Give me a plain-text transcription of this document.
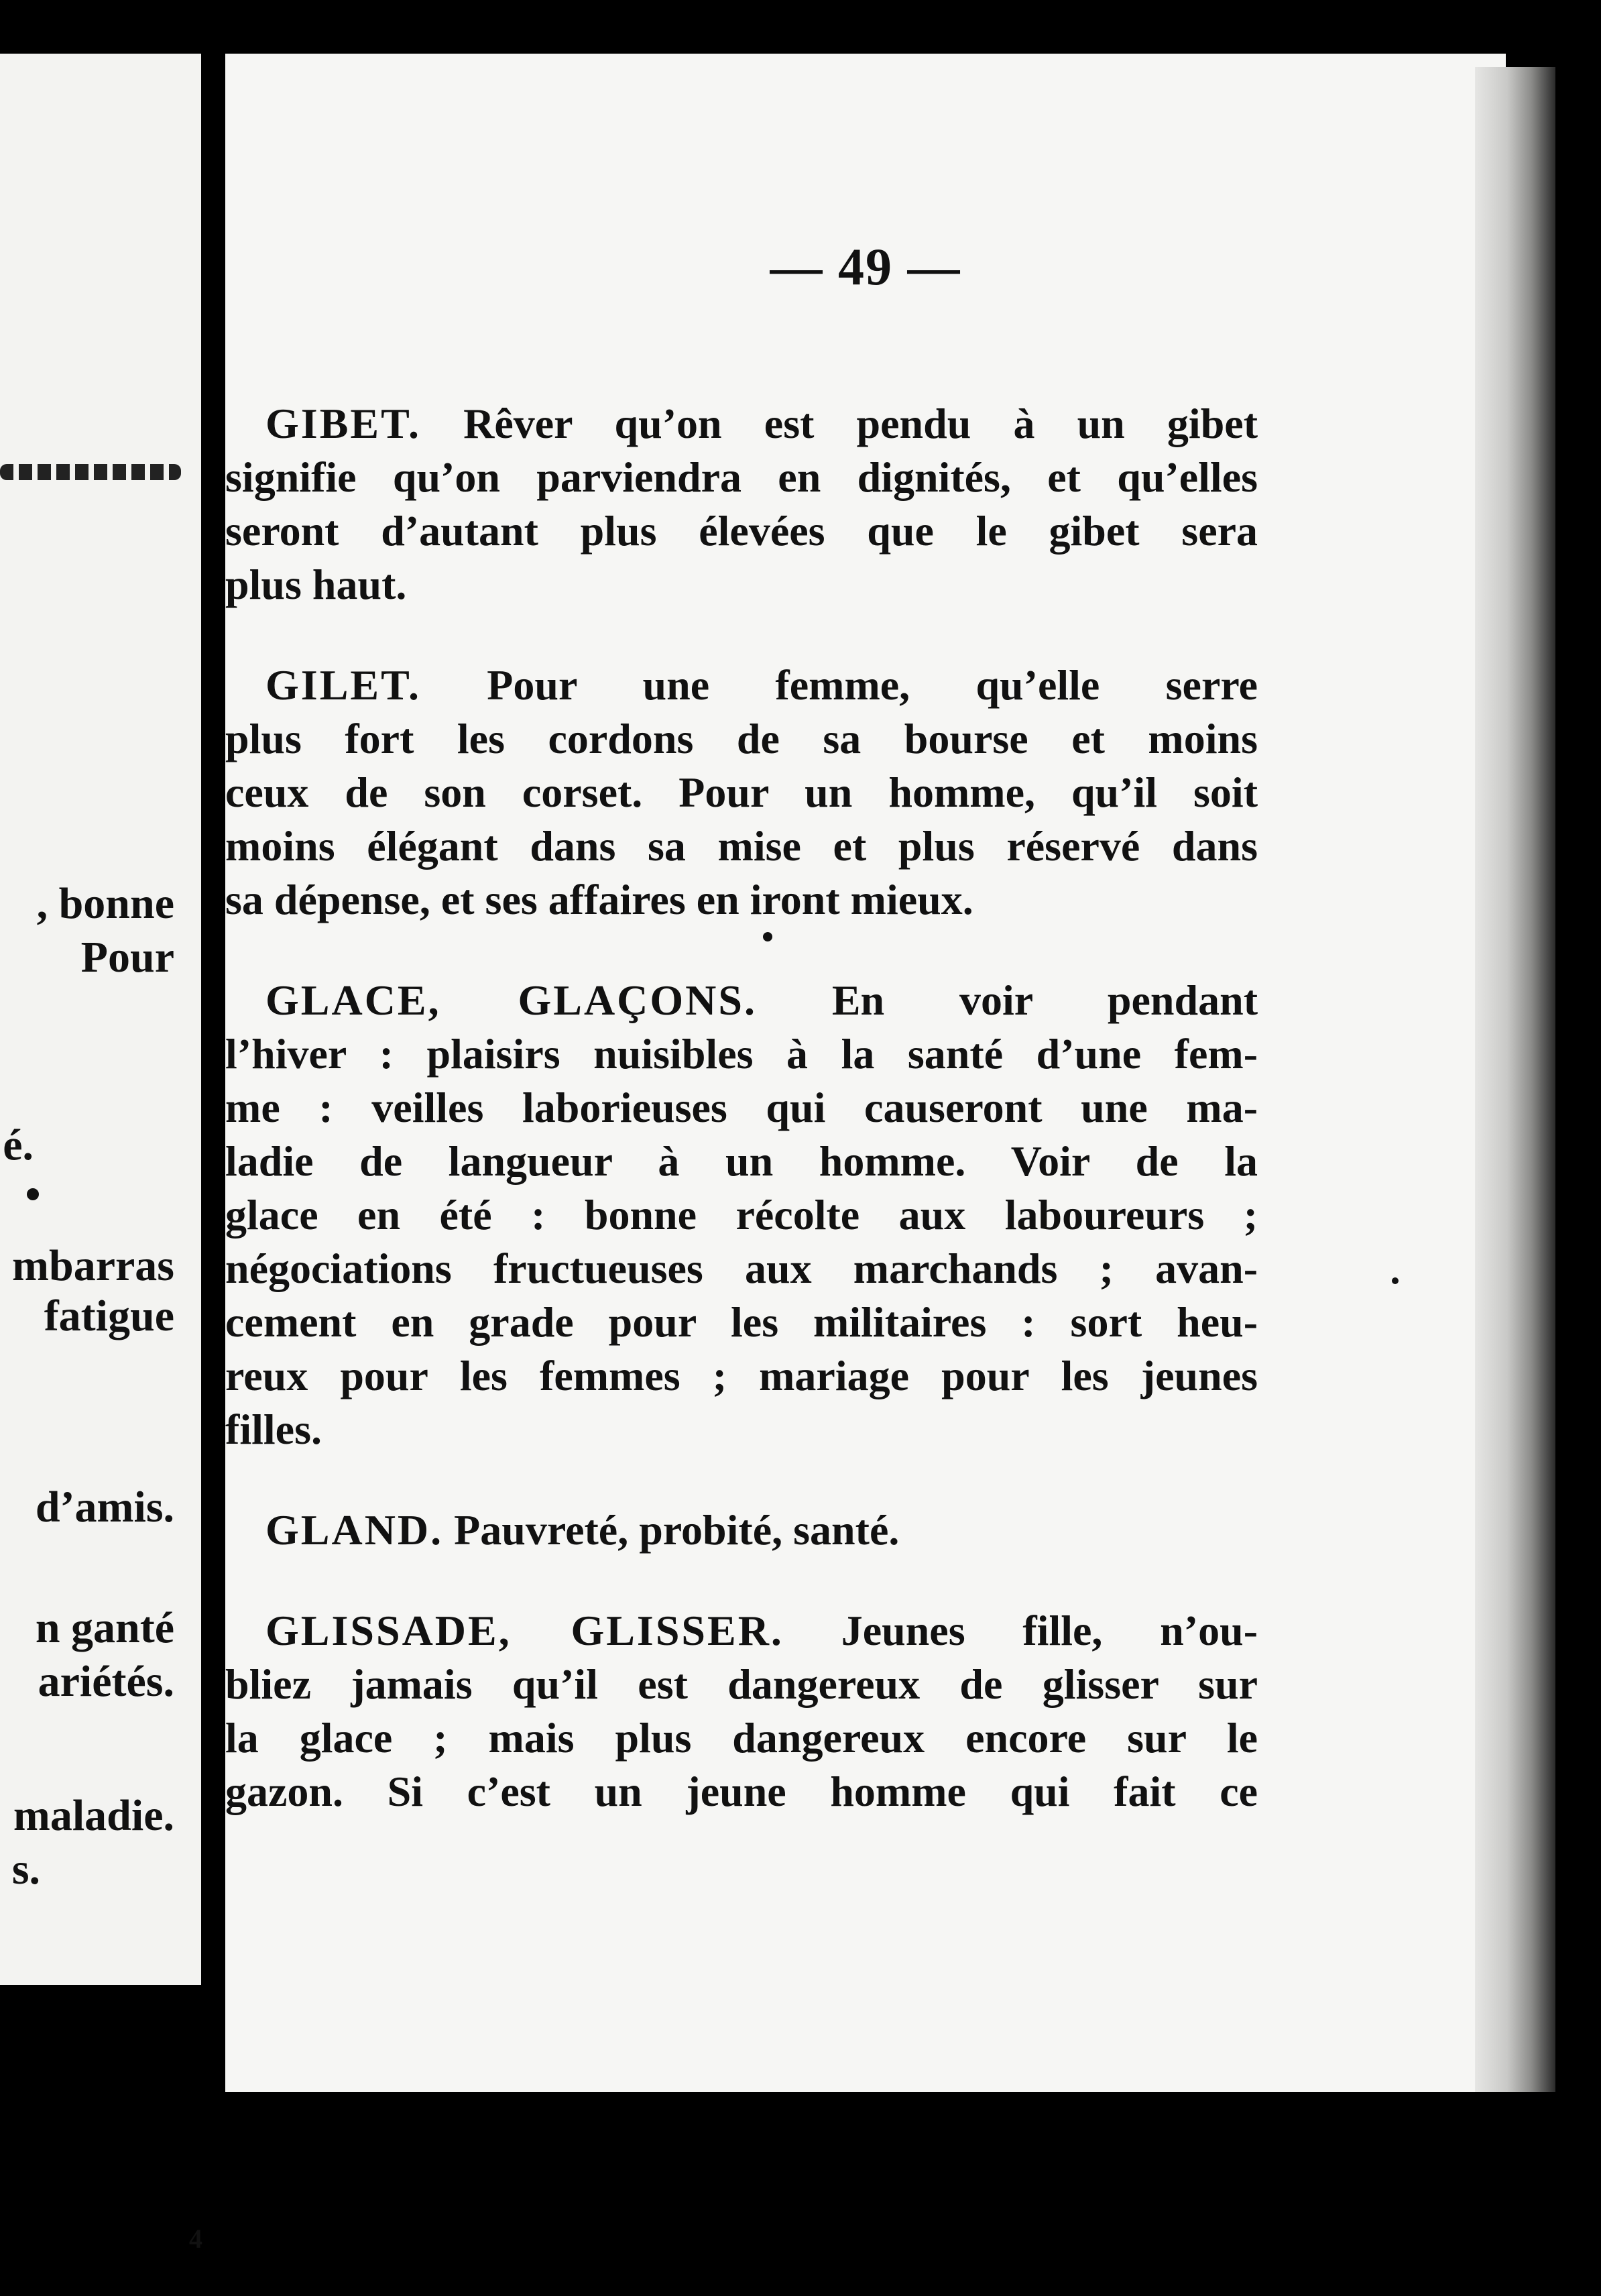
, bonne
Pour
é.
mbarras
fatigue
d’amis.
n ganté
ariétés.
maladie.
s.
— 49 —
GIBET. Rêver qu’on est pendu à un gibet
signifie qu’on parviendra en dignités, et qu’elles
seront d’autant plus élevées que le gibet sera
plus haut.
GILET. Pour une femme, qu’elle serre
plus fort les cordons de sa bourse et moins
ceux de son corset. Pour un homme, qu’il soit
moins élégant dans sa mise et plus réservé dans
sa dépense, et ses affaires en iront mieux.
GLACE, GLAÇONS. En voir pendant
l’hiver : plaisirs nuisibles à la santé d’une fem-
me : veilles laborieuses qui causeront une ma-
ladie de langueur à un homme. Voir de la
glace en été : bonne récolte aux laboureurs ;
négociations fructueuses aux marchands ; avan-
cement en grade pour les militaires : sort heu-
reux pour les femmes ; mariage pour les jeunes
filles.
GLAND. Pauvreté, probité, santé.
GLISSADE, GLISSER. Jeunes fille, n’ou-
bliez jamais qu’il est dangereux de glisser sur
la glace ; mais plus dangereux encore sur le
gazon. Si c’est un jeune homme qui fait ce
4
